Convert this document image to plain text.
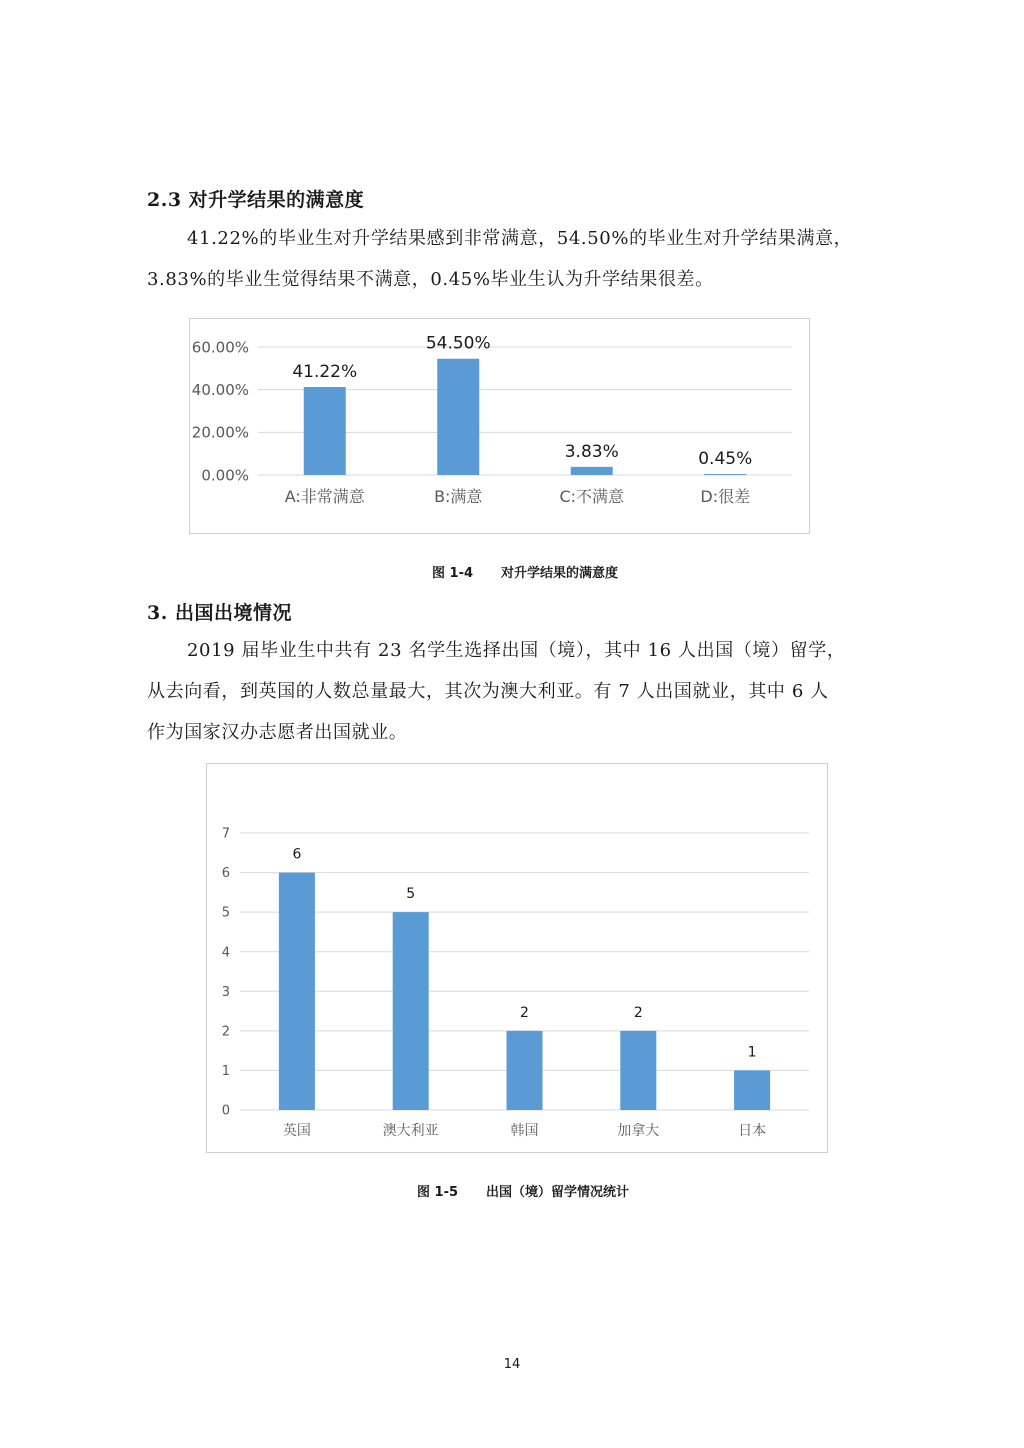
2.3 对升学结果的满意度
41.22%的毕业生对升学结果感到非常满意，54.50%的毕业生对升学结果满意，
3.83%的毕业生觉得结果不满意，0.45%毕业生认为升学结果很差。
0.00%
20.00%
40.00%
60.00%
41.22%
A:非常满意
54.50%
B:满意
3.83%
C:不满意
0.45%
D:很差
图 1-4 对升学结果的满意度
3. 出国出境情况
2019 届毕业生中共有 23 名学生选择出国（境），其中 16 人出国（境）留学，
从去向看，到英国的人数总量最大，其次为澳大利亚。有 7 人出国就业，其中 6 人
作为国家汉办志愿者出国就业。
0
1
2
3
4
5
6
7
6
英国
5
澳大利亚
2
韩国
2
加拿大
1
日本
图 1-5 出国（境）留学情况统计
14
